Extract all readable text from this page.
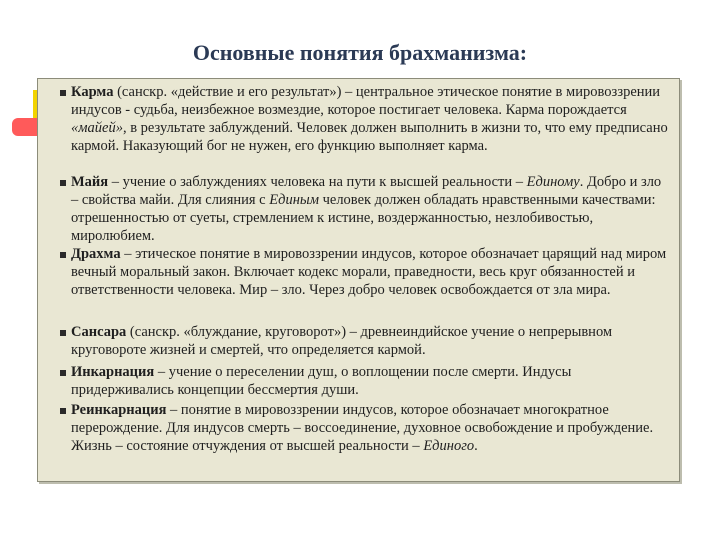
Основные понятия брахманизма:
Карма (санскр. «действие и его результат») – центральное этическое понятие в мировоззрении индусов - судьба, неизбежное возмездие, которое постигает человека. Карма порождается «майей», в результате заблуждений. Человек должен выполнить в жизни то, что ему предписано кармой. Наказующий бог не нужен, его функцию выполняет карма.
Майя – учение о заблуждениях человека на пути к высшей реальности – Единому. Добро и зло – свойства майи. Для слияния с Единым человек должен обладать нравственными качествами: отрешенностью от суеты, стремлением к истине, воздержанностью, незлобивостью, миролюбием.
Драхма – этическое понятие в мировоззрении индусов, которое обозначает царящий над миром вечный моральный закон. Включает кодекс морали, праведности, весь круг обязанностей и ответственности человека. Мир – зло. Через добро человек освобождается от зла мира.
Сансара (санскр. «блуждание, круговорот») – древнеиндийское учение о непрерывном круговороте жизней и смертей, что определяется кармой.
Инкарнация – учение о переселении душ, о воплощении после смерти. Индусы придерживались концепции бессмертия души.
Реинкарнация – понятие в мировоззрении индусов, которое обозначает многократное перерождение. Для индусов смерть – воссоединение, духовное освобождение и пробуждение. Жизнь – состояние отчуждения от высшей реальности – Единого.
